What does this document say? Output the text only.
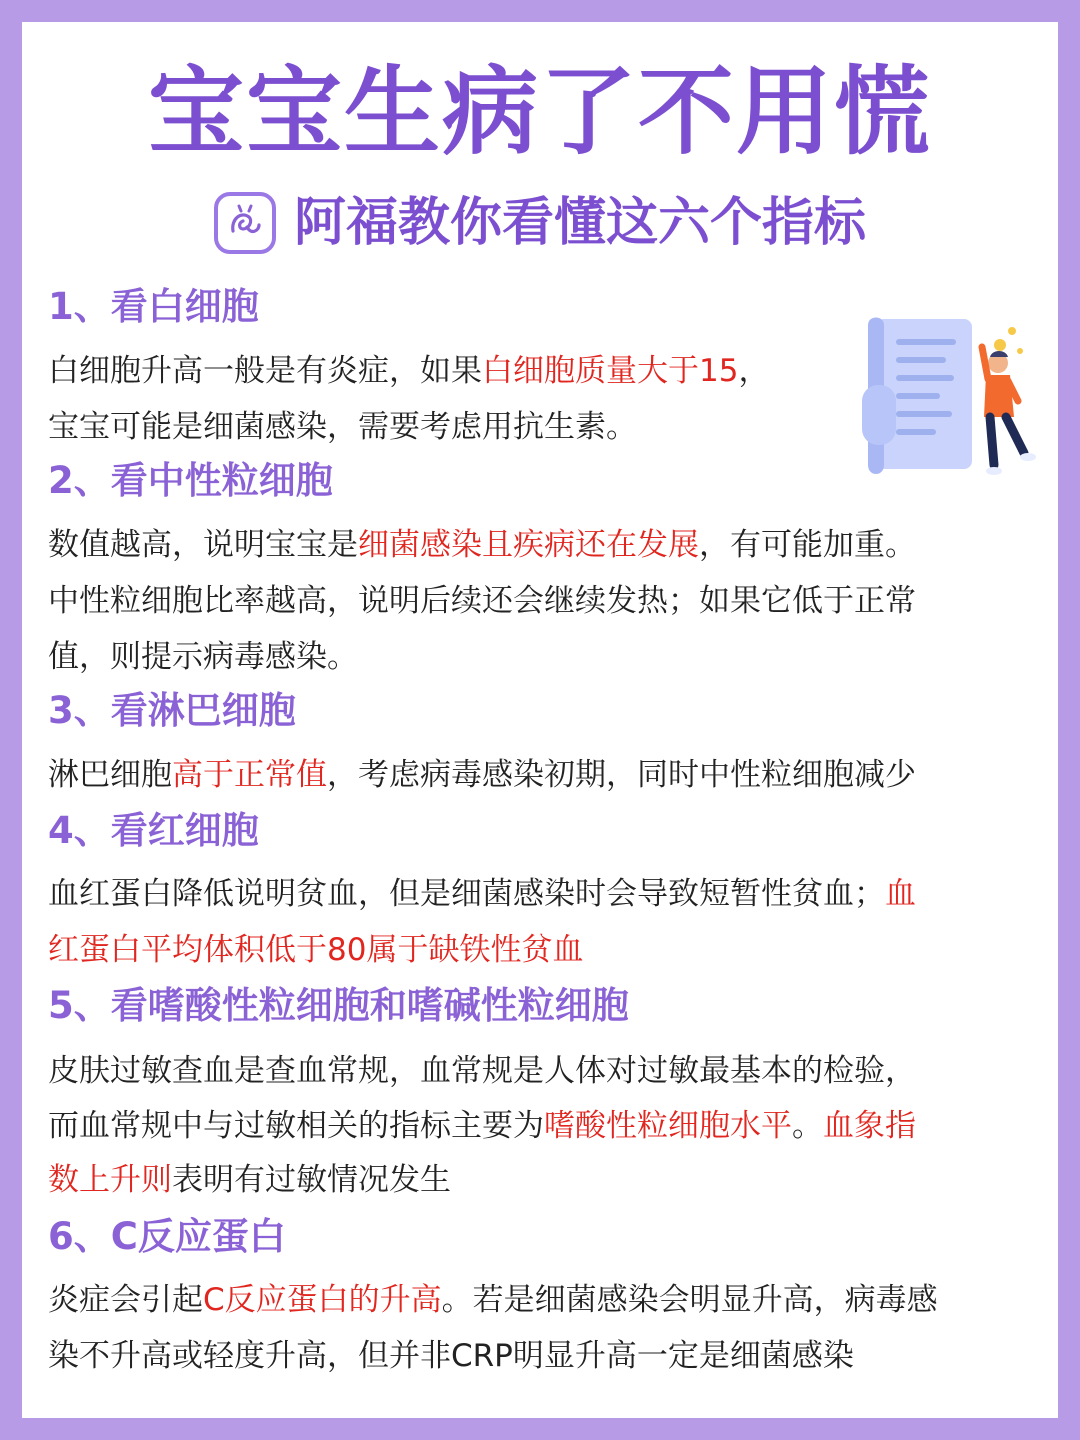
宝宝生病了不用慌
阿福教你看懂这六个指标
1、看白细胞
白细胞升高一般是有炎症，如果白细胞质量大于15，
宝宝可能是细菌感染，需要考虑用抗生素。
2、看中性粒细胞
数值越高，说明宝宝是细菌感染且疾病还在发展，有可能加重。
中性粒细胞比率越高，说明后续还会继续发热；如果它低于正常
值，则提示病毒感染。
3、看淋巴细胞
淋巴细胞高于正常值，考虑病毒感染初期，同时中性粒细胞减少
4、看红细胞
血红蛋白降低说明贫血，但是细菌感染时会导致短暂性贫血；血
红蛋白平均体积低于80属于缺铁性贫血
5、看嗜酸性粒细胞和嗜碱性粒细胞
皮肤过敏查血是查血常规，血常规是人体对过敏最基本的检验，
而血常规中与过敏相关的指标主要为嗜酸性粒细胞水平。血象指
数上升则表明有过敏情况发生
6、C反应蛋白
炎症会引起C反应蛋白的升高。若是细菌感染会明显升高，病毒感
染不升高或轻度升高，但并非CRP明显升高一定是细菌感染
